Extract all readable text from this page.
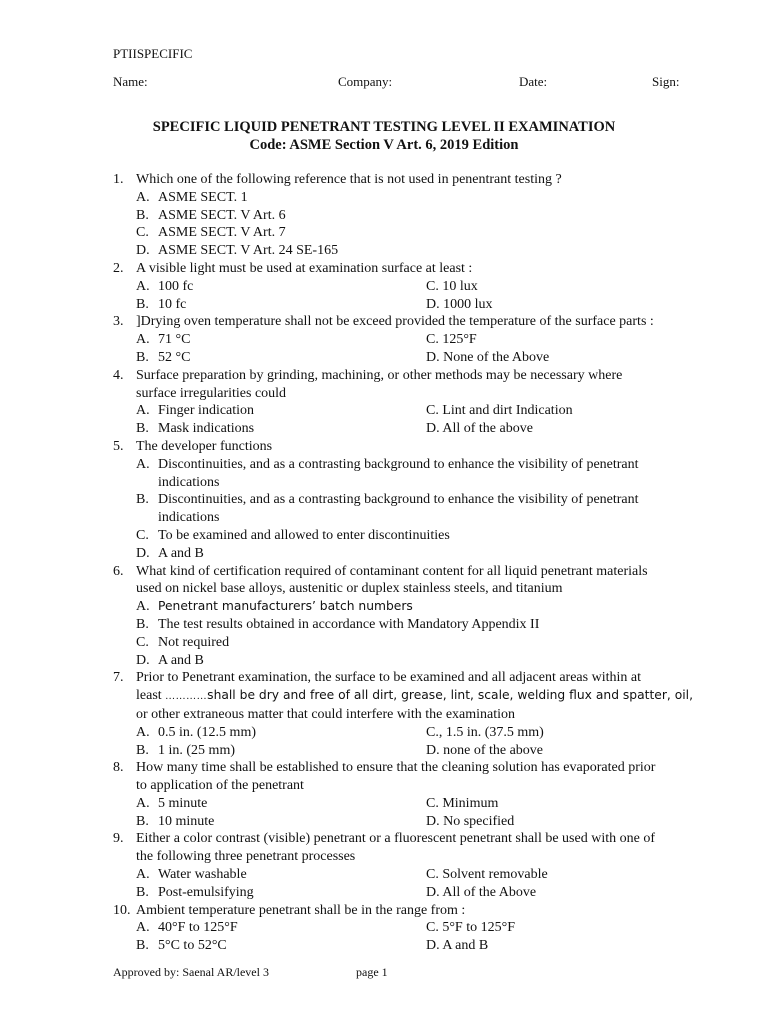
PTIISPECIFIC
Name:	Company:	Date:	Sign:
SPECIFIC LIQUID PENETRANT TESTING LEVEL II EXAMINATION
Code: ASME Section V Art. 6, 2019 Edition
1. Which one of the following reference that is not used in penentrant testing ?
A. ASME SECT. 1
B. ASME SECT. V Art. 6
C. ASME SECT. V Art. 7
D. ASME SECT. V Art. 24 SE-165
2. A visible light must be used at examination surface at least :
A. 100 fc	C. 10 lux
B. 10 fc	D. 1000 lux
3. ]Drying oven temperature shall not be exceed provided the temperature of the surface parts :
A. 71 °C	C. 125°F
B. 52 °C	D. None of the Above
4. Surface preparation by grinding, machining, or other methods may be necessary where
surface irregularities could
A. Finger indication	C. Lint and dirt Indication
B. Mask indications	D. All of the above
5. The developer functions
A. Discontinuities, and as a contrasting background to enhance the visibility of penetrant
indications
B. Discontinuities, and as a contrasting background to enhance the visibility of penetrant
indications
C. To be examined and allowed to enter discontinuities
D. A and B
6. What kind of certification required of contaminant content for all liquid penetrant materials
used on nickel base alloys, austenitic or duplex stainless steels, and titanium
A. Penetrant manufacturers’ batch numbers
B. The test results obtained in accordance with Mandatory Appendix II
C. Not required
D. A and B
7. Prior to Penetrant examination, the surface to be examined and all adjacent areas within at
least …………shall be dry and free of all dirt, grease, lint, scale, welding flux and spatter, oil,
or other extraneous matter that could interfere with the examination
A. 0.5 in. (12.5 mm)	C., 1.5 in. (37.5 mm)
B. 1 in. (25 mm)	D. none of the above
8. How many time shall be established to ensure that the cleaning solution has evaporated prior
to application of the penetrant
A. 5 minute	C. Minimum
B. 10 minute	D. No specified
9. Either a color contrast (visible) penetrant or a fluorescent penetrant shall be used with one of
the following three penetrant processes
A. Water washable	C. Solvent removable
B. Post-emulsifying	D. All of the Above
10. Ambient temperature penetrant shall be in the range from :
A. 40°F to 125°F	C. 5°F to 125°F
B. 5°C to 52°C	D. A and B
Approved by: Saenal AR/level 3	page 1
